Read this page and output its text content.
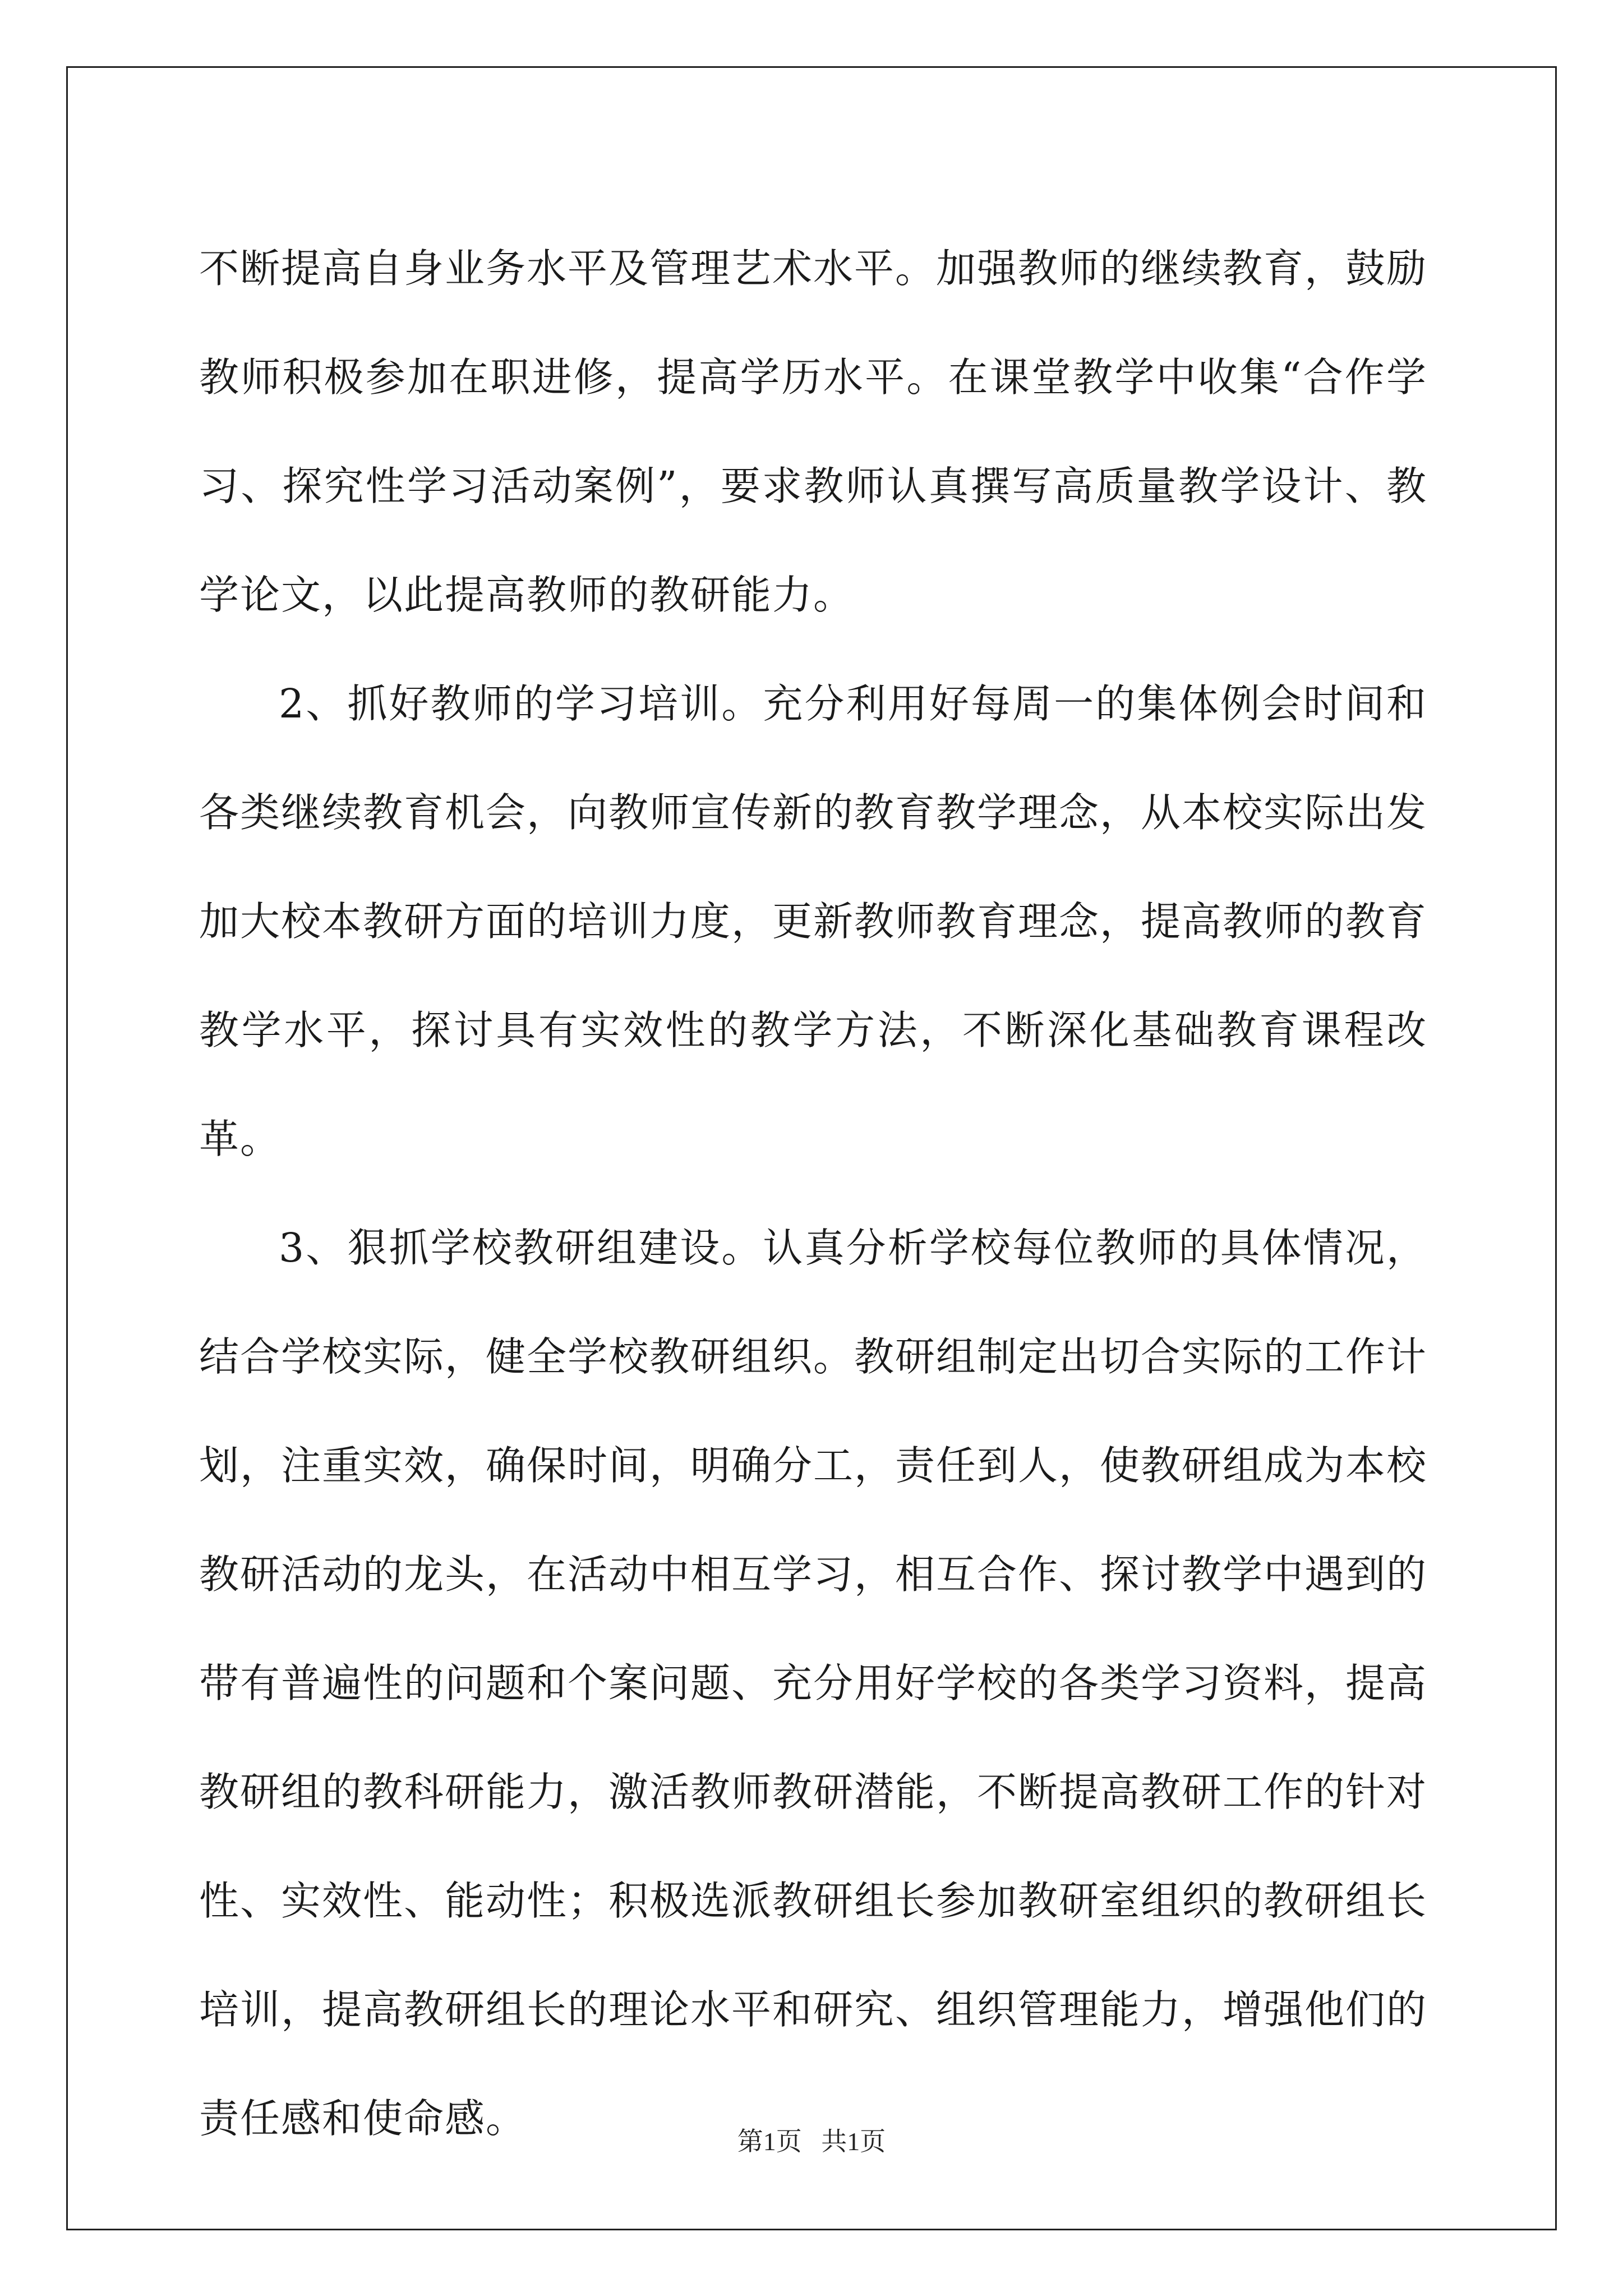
不断提高自身业务水平及管理艺术水平。加强教师的继续教育，鼓励教师积极参加在职进修，提高学历水平。在课堂教学中收集“合作学习、探究性学习活动案例”，要求教师认真撰写高质量教学设计、教学论文，以此提高教师的教研能力。

2、抓好教师的学习培训。充分利用好每周一的集体例会时间和各类继续教育机会，向教师宣传新的教育教学理念，从本校实际出发加大校本教研方面的培训力度，更新教师教育理念，提高教师的教育教学水平，探讨具有实效性的教学方法，不断深化基础教育课程改革。

3、狠抓学校教研组建设。认真分析学校每位教师的具体情况，结合学校实际，健全学校教研组织。教研组制定出切合实际的工作计划，注重实效，确保时间，明确分工，责任到人，使教研组成为本校教研活动的龙头，在活动中相互学习，相互合作、探讨教学中遇到的带有普遍性的问题和个案问题、充分用好学校的各类学习资料，提高教研组的教科研能力，激活教师教研潜能，不断提高教研工作的针对性、实效性、能动性；积极选派教研组长参加教研室组织的教研组长培训，提高教研组长的理论水平和研究、组织管理能力，增强他们的责任感和使命感。	第1页 共1页
